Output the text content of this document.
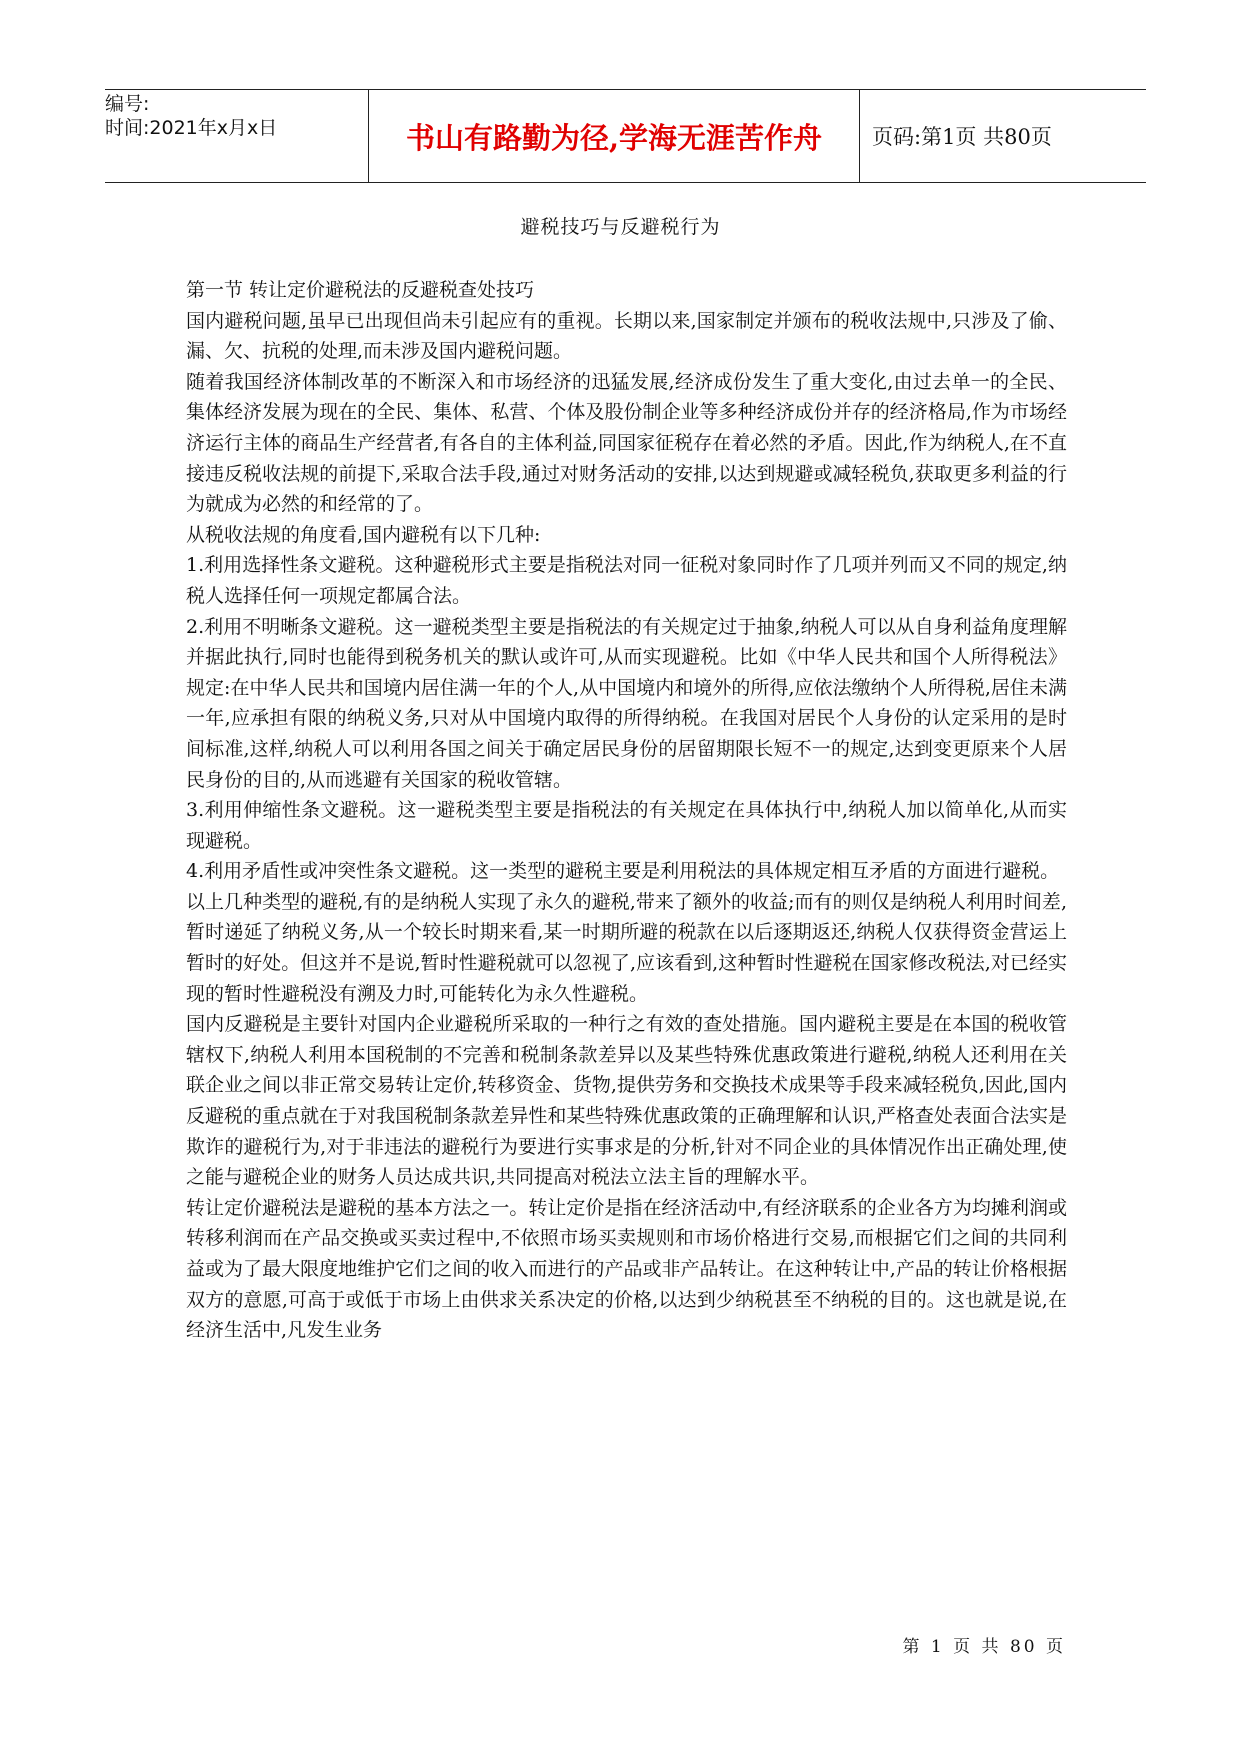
编号:
时间:2021年x月x日	书山有路勤为径,学海无涯苦作舟	页码:第1页 共80页
避税技巧与反避税行为

第一节 转让定价避税法的反避税查处技巧

国内避税问题,虽早已出现但尚未引起应有的重视。长期以来,国家制定并颁布的税收法规中,只涉及了偷、漏、欠、抗税的处理,而未涉及国内避税问题。

随着我国经济体制改革的不断深入和市场经济的迅猛发展,经济成份发生了重大变化,由过去单一的全民、集体经济发展为现在的全民、集体、私营、个体及股份制企业等多种经济成份并存的经济格局,作为市场经济运行主体的商品生产经营者,有各自的主体利益,同国家征税存在着必然的矛盾。因此,作为纳税人,在不直接违反税收法规的前提下,采取合法手段,通过对财务活动的安排,以达到规避或减轻税负,获取更多利益的行为就成为必然的和经常的了。

从税收法规的角度看,国内避税有以下几种:

1.利用选择性条文避税。这种避税形式主要是指税法对同一征税对象同时作了几项并列而又不同的规定,纳税人选择任何一项规定都属合法。

2.利用不明晰条文避税。这一避税类型主要是指税法的有关规定过于抽象,纳税人可以从自身利益角度理解并据此执行,同时也能得到税务机关的默认或许可,从而实现避税。比如《中华人民共和国个人所得税法》规定:在中华人民共和国境内居住满一年的个人,从中国境内和境外的所得,应依法缴纳个人所得税,居住未满一年,应承担有限的纳税义务,只对从中国境内取得的所得纳税。在我国对居民个人身份的认定采用的是时间标准,这样,纳税人可以利用各国之间关于确定居民身份的居留期限长短不一的规定,达到变更原来个人居民身份的目的,从而逃避有关国家的税收管辖。

3.利用伸缩性条文避税。这一避税类型主要是指税法的有关规定在具体执行中,纳税人加以简单化,从而实现避税。

4.利用矛盾性或冲突性条文避税。这一类型的避税主要是利用税法的具体规定相互矛盾的方面进行避税。

以上几种类型的避税,有的是纳税人实现了永久的避税,带来了额外的收益;而有的则仅是纳税人利用时间差,暂时递延了纳税义务,从一个较长时期来看,某一时期所避的税款在以后逐期返还,纳税人仅获得资金营运上暂时的好处。但这并不是说,暂时性避税就可以忽视了,应该看到,这种暂时性避税在国家修改税法,对已经实现的暂时性避税没有溯及力时,可能转化为永久性避税。

国内反避税是主要针对国内企业避税所采取的一种行之有效的查处措施。国内避税主要是在本国的税收管辖权下,纳税人利用本国税制的不完善和税制条款差异以及某些特殊优惠政策进行避税,纳税人还利用在关联企业之间以非正常交易转让定价,转移资金、货物,提供劳务和交换技术成果等手段来减轻税负,因此,国内反避税的重点就在于对我国税制条款差异性和某些特殊优惠政策的正确理解和认识,严格查处表面合法实是欺诈的避税行为,对于非违法的避税行为要进行实事求是的分析,针对不同企业的具体情况作出正确处理,使之能与避税企业的财务人员达成共识,共同提高对税法立法主旨的理解水平。

转让定价避税法是避税的基本方法之一。转让定价是指在经济活动中,有经济联系的企业各方为均摊利润或转移利润而在产品交换或买卖过程中,不依照市场买卖规则和市场价格进行交易,而根据它们之间的共同利益或为了最大限度地维护它们之间的收入而进行的产品或非产品转让。在这种转让中,产品的转让价格根据双方的意愿,可高于或低于市场上由供求关系决定的价格,以达到少纳税甚至不纳税的目的。这也就是说,在经济生活中,凡发生业务

第 1 页 共 80 页
